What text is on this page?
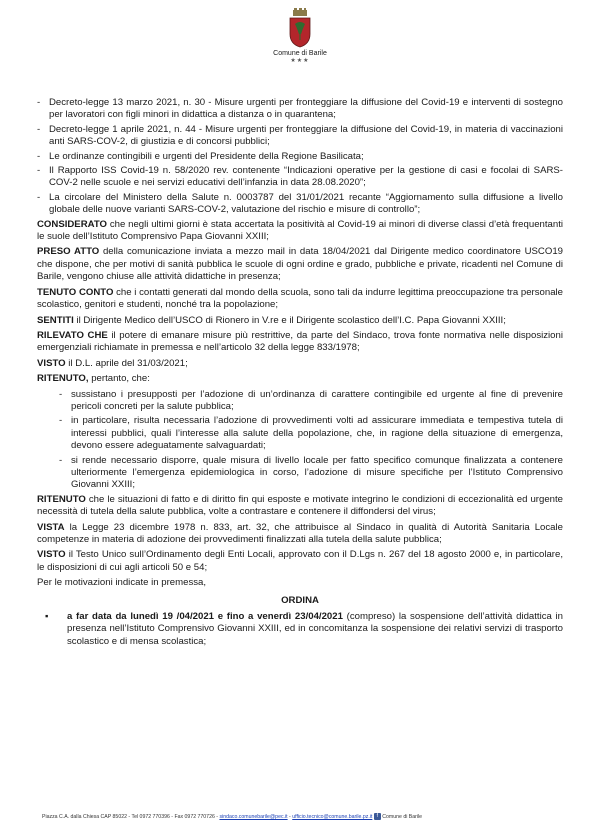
Comune di Barile
★★★
- Decreto-legge 13 marzo 2021, n. 30 - Misure urgenti per fronteggiare la diffusione del Covid-19 e interventi di sostegno per lavoratori con figli minori in didattica a distanza o in quarantena;
- Decreto-legge 1 aprile 2021, n. 44 - Misure urgenti per fronteggiare la diffusione del Covid-19, in materia di vaccinazioni anti SARS-COV-2, di giustizia e di concorsi pubblici;
- Le ordinanze contingibili e urgenti del Presidente della Regione Basilicata;
- Il Rapporto ISS Covid-19 n. 58/2020 rev. contenente “Indicazioni operative per la gestione di casi e focolai di SARS-COV-2 nelle scuole e nei servizi educativi dell’infanzia in data 28.08.2020”;
- La circolare del Ministero della Salute n. 0003787 del 31/01/2021 recante “Aggiornamento sulla diffusione a livello globale delle nuove varianti SARS-COV-2, valutazione del rischio e misure di controllo”;

CONSIDERATO che negli ultimi giorni è stata accertata la positività al Covid-19 ai minori di diverse classi d’età frequentanti le suole dell’Istituto Comprensivo Papa Giovanni XXIII;

PRESO ATTO della comunicazione inviata a mezzo mail in data 18/04/2021 dal Dirigente medico coordinatore USCO19 che dispone, che per motivi di sanità pubblica le scuole di ogni ordine e grado, pubbliche e private, ricadenti nel Comune di Barile, vengono chiuse alle attività didattiche in presenza;

TENUTO CONTO che i contatti generati dal mondo della scuola, sono tali da indurre legittima preoccupazione tra personale scolastico, genitori e studenti, nonché tra la popolazione;

SENTITI il Dirigente Medico dell’USCO di Rionero in V.re e il Dirigente scolastico dell’I.C. Papa Giovanni XXIII;

RILEVATO CHE il potere di emanare misure più restrittive, da parte del Sindaco, trova fonte normativa nelle disposizioni emergenziali richiamate in premessa e nell’articolo 32 della legge 833/1978;

VISTO il D.L. aprile del 31/03/2021;

RITENUTO, pertanto, che:

- sussistano i presupposti per l’adozione di un’ordinanza di carattere contingibile ed urgente al fine di prevenire pericoli concreti per la salute pubblica;
- in particolare, risulta necessaria l’adozione di provvedimenti volti ad assicurare immediata e tempestiva tutela di interessi pubblici, quali l’interesse alla salute della popolazione, che, in ragione della situazione di emergenza, devono essere adeguatamente salvaguardati;
- si rende necessario disporre, quale misura di livello locale per fatto specifico comunque finalizzata a contenere ulteriormente l’emergenza epidemiologica in corso, l’adozione di misure specifiche per l’Istituto Comprensivo Giovanni XXIII;

RITENUTO che le situazioni di fatto e di diritto fin qui esposte e motivate integrino le condizioni di eccezionalità ed urgente necessità di tutela della salute pubblica, volte a contrastare e contenere il diffondersi del virus;

VISTA la Legge 23 dicembre 1978 n. 833, art. 32, che attribuisce al Sindaco in qualità di Autorità Sanitaria Locale competenze in materia di adozione dei provvedimenti finalizzati alla tutela della salute pubblica;

VISTO il Testo Unico sull’Ordinamento degli Enti Locali, approvato con il D.Lgs n. 267 del 18 agosto 2000 e, in particolare, le disposizioni di cui agli articoli 50 e 54;

Per le motivazioni indicate in premessa,

ORDINA
▪	a far data da lunedì 19 /04/2021 e fino a venerdì 23/04/2021 (compreso) la sospensione dell’attività didattica in presenza nell’Istituto Comprensivo Giovanni XXIII, ed in concomitanza la sospensione dei relativi servizi di trasporto scolastico e di mensa scolastica;
Piazza C.A. dalla Chiesa CAP 85022 - Tel 0972 770396 - Fax 0972 770726 - sindaco.comunebarile@pec.it - ufficio.tecnico@comune.barile.pz.it f Comune di Barile
